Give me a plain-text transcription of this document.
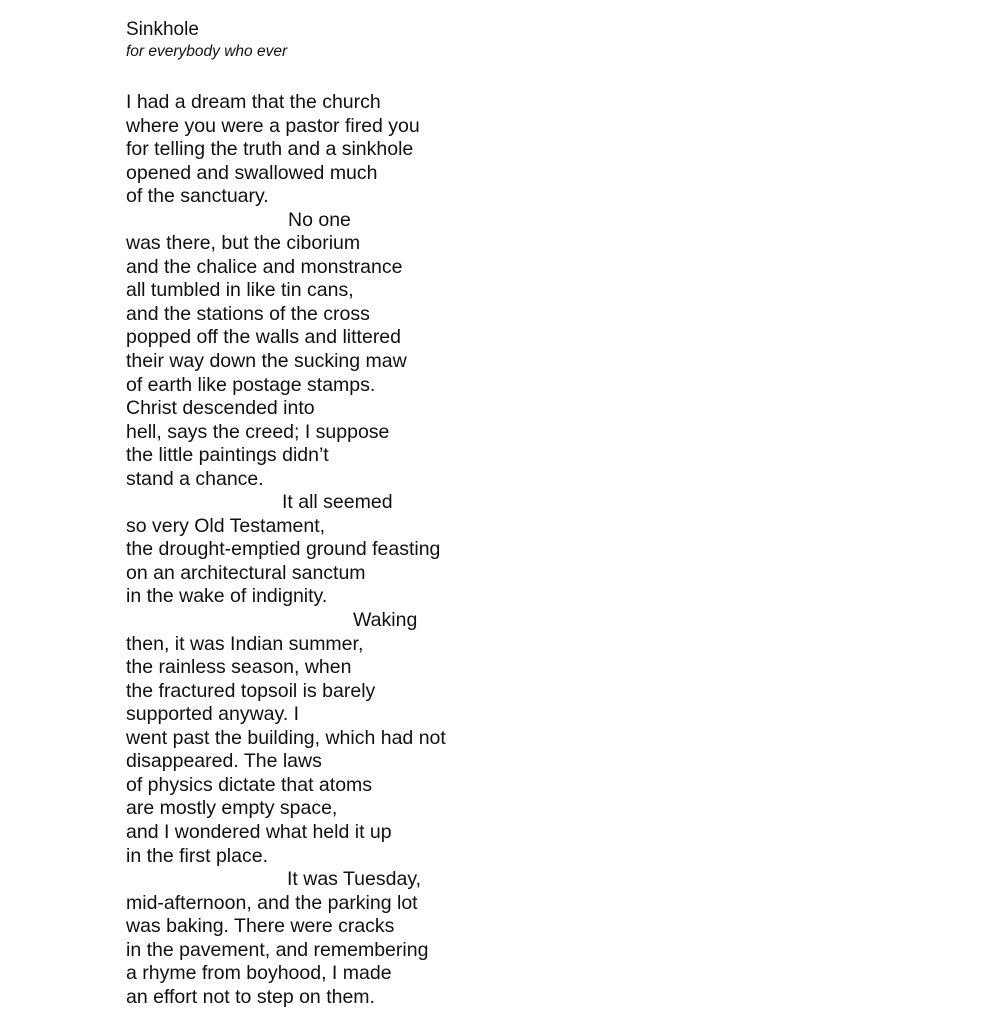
Sinkhole
for everybody who ever
I had a dream that the church
where you were a pastor fired you
for telling the truth and a sinkhole
opened and swallowed much
of the sanctuary.
No one
was there, but the ciborium
and the chalice and monstrance
all tumbled in like tin cans,
and the stations of the cross
popped off the walls and littered
their way down the sucking maw
of earth like postage stamps.
Christ descended into
hell, says the creed; I suppose
the little paintings didn’t
stand a chance.
It all seemed
so very Old Testament,
the drought-emptied ground feasting
on an architectural sanctum
in the wake of indignity.
Waking
then, it was Indian summer,
the rainless season, when
the fractured topsoil is barely
supported anyway. I
went past the building, which had not
disappeared. The laws
of physics dictate that atoms
are mostly empty space,
and I wondered what held it up
in the first place.
It was Tuesday,
mid-afternoon, and the parking lot
was baking. There were cracks
in the pavement, and remembering
a rhyme from boyhood, I made
an effort not to step on them.
